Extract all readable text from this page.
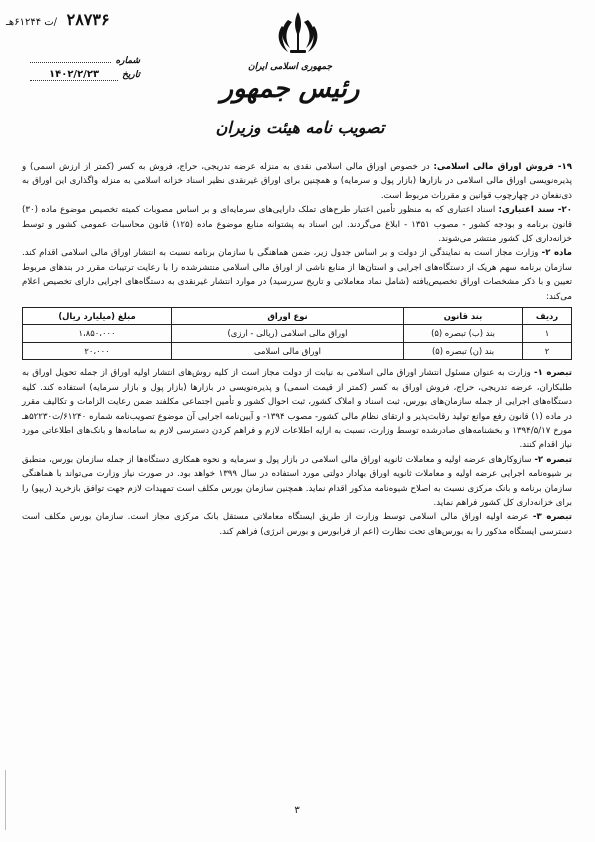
۲۸۷۳۶ /ت ۶۱۲۴۴هـ
شماره
تاریخ
۱۴۰۲/۲/۲۳
جمهوری اسلامی ایران
رئیس جمهور
تصویب نامه هیئت وزیران

۱۹- فروش اوراق مالی اسلامی: در خصوص اوراق مالی اسلامی نقدی به منزله عرضه تدریجی، حراج، فروش به کسر (کمتر از ارزش اسمی) و پذیره‌نویسی اوراق مالی اسلامی در بازارها (بازار پول و سرمایه) و همچنین برای اوراق غیرنقدی نظیر اسناد خزانه اسلامی به منزله واگذاری این اوراق به ذی‌نفعان در چهارچوب قوانین و مقررات مربوط است.

۲۰- سند اعتباری: اسناد اعتباری که به منظور تأمین اعتبار طرح‌های تملک دارایی‌های سرمایه‌ای و بر اساس مصوبات کمیته تخصیص موضوع ماده (۳۰) قانون برنامه و بودجه کشور - مصوب ۱۳۵۱ - ابلاغ می‌گردند. این اسناد به پشتوانه منابع موضوع ماده (۱۲۵) قانون محاسبات عمومی کشور و توسط خزانه‌داری کل کشور منتشر می‌شوند.

ماده ۲- وزارت مجاز است به نمایندگی از دولت و بر اساس جدول زیر، ضمن هماهنگی با سازمان برنامه نسبت به انتشار اوراق مالی اسلامی اقدام کند. سازمان برنامه سهم هریک از دستگاه‌های اجرایی و استان‌ها از منابع ناشی از اوراق مالی اسلامی منتشرشده را با رعایت ترتیبات مقرر در بندهای مربوط تعیین و با ذکر مشخصات اوراق تخصیص‌یافته (شامل نماد معاملاتی و تاریخ سررسید) در موارد انتشار غیرنقدی به دستگاه‌های اجرایی دارای تخصیص اعلام می‌کند:

ردیف	بند قانون	نوع اوراق	مبلغ (میلیارد ریال)
۱	بند (ب) تبصره (۵)	اوراق مالی اسلامی (ریالی - ارزی)	۱،۸۵۰،۰۰۰
۲	بند (ن) تبصره (۵)	اوراق مالی اسلامی	۲۰،۰۰۰

تبصره ۱- وزارت به عنوان مسئول انتشار اوراق مالی اسلامی به نیابت از دولت مجاز است از کلیه روش‌های انتشار اولیه اوراق از جمله تحویل اوراق به طلبکاران، عرضه تدریجی، حراج، فروش اوراق به کسر (کمتر از قیمت اسمی) و پذیره‌نویسی در بازارها (بازار پول و بازار سرمایه) استفاده کند. کلیه دستگاه‌های اجرایی از جمله سازمان‌های بورس، ثبت اسناد و املاک کشور، ثبت احوال کشور و تأمین اجتماعی مکلفند ضمن رعایت الزامات و تکالیف مقرر در ماده (۱) قانون رفع موانع تولید رقابت‌پذیر و ارتقای نظام مالی کشور- مصوب ۱۳۹۴- و آیین‌نامه اجرایی آن موضوع تصویب‌نامه شماره ۶۱۲۴۰/ت۵۲۲۳۰هـ مورخ ۱۳۹۴/۵/۱۷ و بخشنامه‌های صادرشده توسط وزارت، نسبت به ارایه اطلاعات لازم و فراهم کردن دسترسی لازم به سامانه‌ها و بانک‌های اطلاعاتی مورد نیاز اقدام کنند.

تبصره ۲- سازوکارهای عرضه اولیه و معاملات ثانویه اوراق مالی اسلامی در بازار پول و سرمایه و نحوه همکاری دستگاه‌ها از جمله سازمان بورس، منطبق بر شیوه‌نامه اجرایی عرضه اولیه و معاملات ثانویه اوراق بهادار دولتی مورد استفاده در سال ۱۳۹۹ خواهد بود. در صورت نیاز وزارت می‌تواند با هماهنگی سازمان برنامه و بانک مرکزی نسبت به اصلاح شیوه‌نامه مذکور اقدام نماید. همچنین سازمان بورس مکلف است تمهیدات لازم جهت توافق بازخرید (ریپو) را برای خزانه‌داری کل کشور فراهم نماید.

تبصره ۳- عرضه اولیه اوراق مالی اسلامی توسط وزارت از طریق ایستگاه معاملاتی مستقل بانک مرکزی مجاز است. سازمان بورس مکلف است دسترسی ایستگاه مذکور را به بورس‌های تحت نظارت (اعم از فرابورس و بورس انرژی) فراهم کند.

۳
